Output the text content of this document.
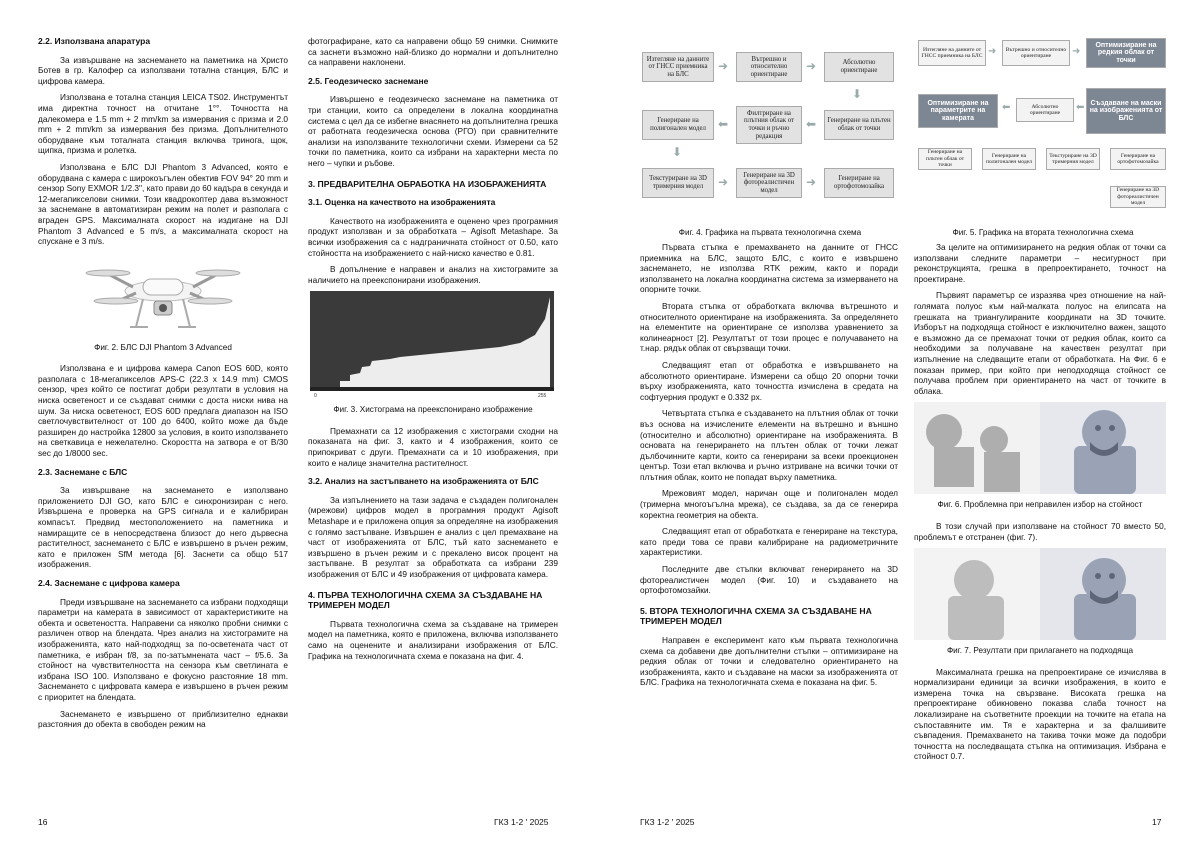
2.2. Използвана апаратура

За извършване на заснемането на паметника на Христо Ботев в гр. Калофер са използвани тотална станция, БЛС и цифрова камера.

Използвана е тотална станция LEICA TS02. Инструментът има директна точност на отчитане 1°°. Точността на далекомера е 1.5 mm + 2 mm/km за измервания с призма и 2.0 mm + 2 mm/km за измервания без призма. Допълнителното оборудване към тоталната станция включва тринога, щок, щипка, призма и ролетка.

Използвана е БЛС DJI Phantom 3 Advanced, която е оборудвана с камера с широкоъгълен обектив FOV 94° 20 mm и сензор Sony EXMOR 1/2.3", като прави до 60 кадъра в секунда и 12-мегапикселови снимки. Този квадрокоптер дава възможност за заснемане в автоматизиран режим на полет и разполага с вграден GPS. Максималната скорост на издигане на DJI Phantom 3 Advanced е 5 m/s, а максималната скорост на спускане е 3 m/s.

Фиг. 2. БЛС DJI Phantom 3 Advanced

Използвана е и цифрова камера Canon EOS 60D, която разполага с 18-мегапикселов APS-C (22.3 x 14.9 mm) CMOS сензор, чрез който се постигат добри резултати в условия на ниска осветеност и се създават снимки с доста ниски нива на шум. За ниска осветеност, EOS 60D предлага диапазон на ISO светлочувствителност от 100 до 6400, който може да бъде разширен до настройка 12800 за условия, в които използването на светкавица е нежелателно. Скоростта на затвора е от В/30 sec до 1/8000 sec.

2.3. Заснемане с БЛС

За извършване на заснемането е използвано приложението DJI GO, като БЛС е синхронизиран с него. Извършена е проверка на GPS сигнала и е калибриран компасът. Предвид местоположението на паметника и намиращите се в непосредствена близост до него дървесна растителност, заснемането с БЛС е извършено в ръчен режим, като е приложен SfM метода [6]. Заснети са общо 517 изображения.

2.4. Заснемане с цифрова камера

Преди извършване на заснемането са избрани подходящи параметри на камерата в зависимост от характеристиките на обекта и осветеността. Направени са няколко пробни снимки с различен отвор на блендата. Чрез анализ на хистограмите на изображенията, като най-подходящ за по-осветената част от паметника, е избран f/8, за по-затъмнената част – f/5.6. За стойност на чувствителността на сензора към светлината е избрана ISO 100. Използвано е фокусно разстояние 18 mm. Заснемането с цифровата камера е извършено в ръчен режим с приоритет на блендата.

Заснемането е извършено от приблизително еднакви разстояния до обекта в свободен режим на

фотографиране, като са направени общо 59 снимки. Снимките са заснети възможно най-близко до нормални и допълнително са направени наклонени.

2.5. Геодезическо заснемане

Извършено е геодезическо заснемане на паметника от три станции, които са определени в локална координатна система с цел да се избегне внасянето на допълнителна грешка от работната геодезическа основа (РГО) при сравнителните анализи на използваните технологични схеми. Измерени са 52 точки по паметника, които са избрани на характерни места по него – чупки и ръбове.

3. ПРЕДВАРИТЕЛНА ОБРАБОТКА НА ИЗОБРАЖЕНИЯТА
3.1. Оценка на качеството на изображенията

Качеството на изображенията е оценено чрез програмния продукт използван и за обработката – Agisoft Metashape. За всички изображения са с надграничната стойност от 0.50, като стойността на изображението с най-ниско качество е 0.81.

В допълнение е направен и анализ на хистограмите за наличието на преекспонирани изображения.

0	255
Фиг. 3. Хистограма на преекспонирано изображение

Премахнати са 12 изображения с хистограми сходни на показаната на фиг. 3, както и 4 изображения, които се припокриват с други. Премахнати са и 10 изображения, при които е налице значителна растителност.

3.2. Анализ на застъпването на изображенията от БЛС

За изпълнението на тази задача е създаден полигонален (мрежови) цифров модел в програмния продукт Agisoft Metashape и е приложена опция за определяне на изображения с голямо застъпване. Извършен е анализ с цел премахване на част от изображенията от БЛС, тъй като заснемането е извършено в ръчен режим и с прекалено висок процент на застъпване. В резултат за обработката са избрани 239 изображения от БЛС и 49 изображения от цифровата камера.

4. ПЪРВА ТЕХНОЛОГИЧНА СХЕМА ЗА СЪЗДАВАНЕ НА ТРИМЕРЕН МОДЕЛ

Първата технологична схема за създаване на тримерен модел на паметника, която е приложена, включва използването само на оценените и анализирани изображения от БЛС. Графика на технологичната схема е показана на фиг. 4.

16	ГКЗ 1-2 ' 2025
Изтегляне на данните от ГНСС приемника на БЛС
➜	Вътрешно и относително ориентиране
➜	Абсолютно ориентиране
⬇
Генериране на полигонален модел	⬅
Филтриране на плътния облак от точки и ръчно редакция
⬅	Генериране на плътен облак от точки
⬇
Текстуриране на 3D тримерния модел	➜	Генериране на 3D фотореалистичен модел
➜	Генериране на ортофотомозайка
Фиг. 4. Графика на първата технологична схема
Изтегляне на данните от ГНСС приемника на БЛС ➜	Вътрешно и относително ориентиране	➜
Оптимизиране на редкия облак от точки
Оптимизиране на параметрите на камерата
⬅	Абсолютно ориентиране	⬅ Създаване на маски на изображенията от БЛС
Генериране на плътен облак от точки
Генериране на полигонален модел
Текстуриране на 3D тримерния модел
Генериране на ортофотомозайка
Генериране на 3D фотореалистичен модел
Фиг. 5. Графика на втората технологична схема

Първата стъпка е премахването на данните от ГНСС приемника на БЛС, защото БЛС, с които е извършено заснемането, не използва RTK режим, както и поради използването на локална координатна система за измерването на опорните точки.

Втората стъпка от обработката включва вътрешното и относителното ориентиране на изображенията. За определянето на елементите на ориентиране се използва уравнението за колинеарност [2]. Резултатът от този процес е получаването на т.нар. рядък облак от свързващи точки.

Следващият етап от обработка е извършването на абсолютното ориентиране. Измерени са общо 20 опорни точки върху изображенията, като точността изчислена в средата на софтуерния продукт е 0.332 px.

Четвъртата стъпка е създаването на плътния облак от точки въз основа на изчислените елементи на вътрешно и външно (относително и абсолютно) ориентиране на изображенията. В основата на генерирането на плътен облак от точки лежат дълбочинните карти, които са генерирани за всеки проекционен център. Този етап включва и ръчно изтриване на всички точки от плътния облак, които не попадат върху паметника.

Мрежовият модел, наричан още и полигонален модел (тримерна многоъгълна мрежа), се създава, за да се генерира коректна геометрия на обекта.

Следващият етап от обработката е генериране на текстура, като преди това се прави калибриране на радиометричните характеристики.

Последните две стъпки включват генерирането на 3D фотореалистичен модел (Фиг. 10) и създаването на ортофотомозайки.

5. ВТОРА ТЕХНОЛОГИЧНА СХЕМА ЗА СЪЗДАВАНЕ НА ТРИМЕРЕН МОДЕЛ

Направен е експеримент като към първата технологична схема са добавени две допълнителни стъпки – оптимизиране на редкия облак от точки и следователно ориентирането на изображенията, както и създаване на маски за изображенията от БЛС. Графика на технологичната схема е показана на фиг. 5.

За целите на оптимизирането на редкия облак от точки са използвани следните параметри – несигурност при реконструкцията, грешка в препроектирането, точност на проектиране.

Първият параметър се изразява чрез отношение на най-голямата полуос към най-малката полуос на елипсата на грешката на триангулираните координати на 3D точките. Изборът на подходяща стойност е изключително важен, защото е възможно да се премахнат точки от редкия облак, които са необходими за получаване на качествен резултат при изпълнение на следващите етапи от обработката. На Фиг. 6 е показан пример, при който при неподходяща стойност се получава проблем при ориентирането на част от точките в облака.

Фиг. 6. Проблемна при неправилен избор на стойност

В този случай при използване на стойност 70 вместо 50, проблемът е отстранен (фиг. 7).

Фиг. 7. Резултати при прилагането на подходяща

Максималната грешка на препроектиране се изчислява в нормализирани единици за всички изображения, в които е измерена точка на свързване. Високата грешка на препроектиране обикновено показва слаба точност на локализиране на съответните проекции на точките на етапа на съпоставяните им. Тя е характерна и за фалшивите съвпадения. Премахването на такива точки може да подобри точността на последващата стъпка на оптимизация. Избрана е стойност 0.7.

ГКЗ 1-2 ' 2025	17
